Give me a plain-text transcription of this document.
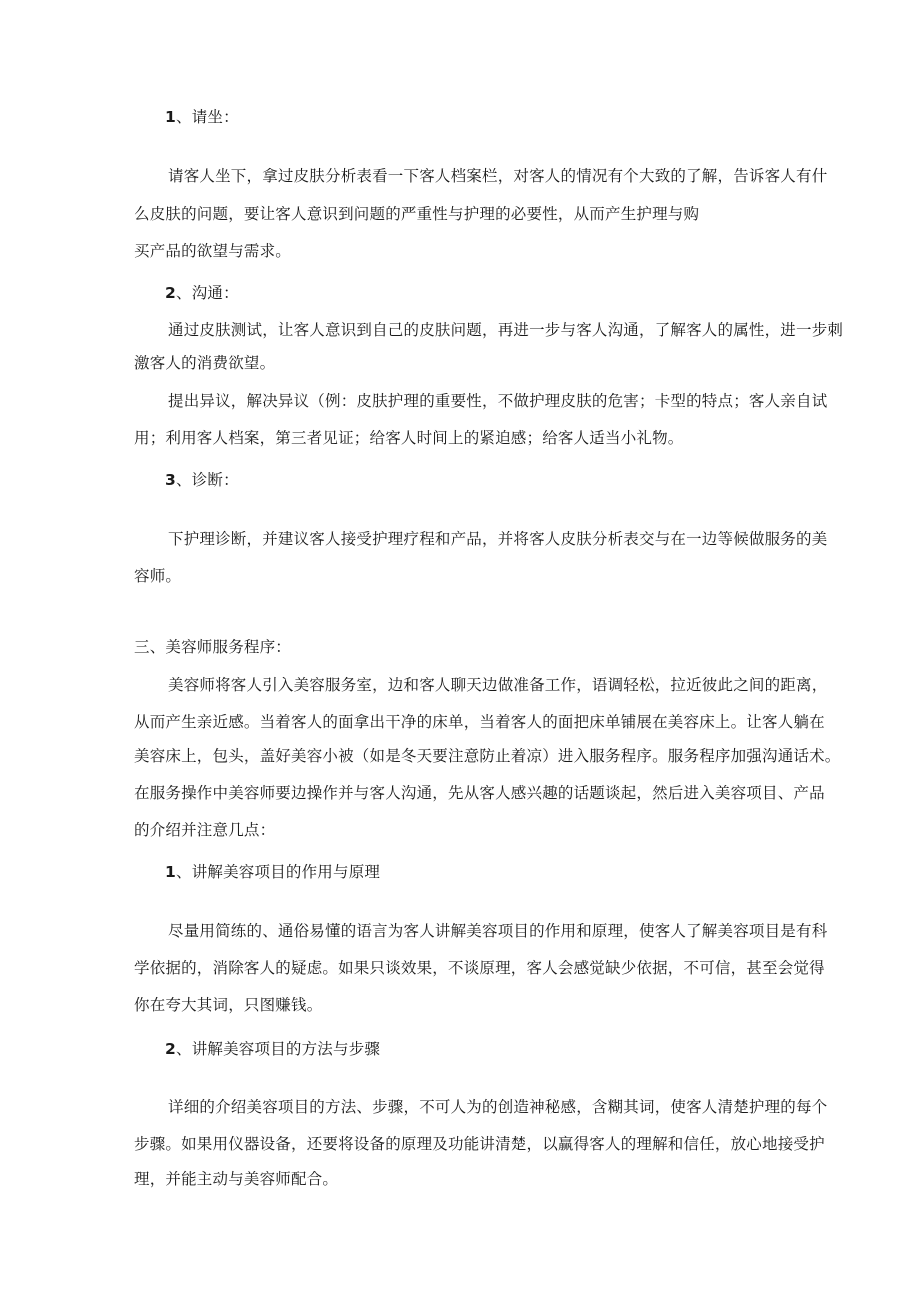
1、请坐：
请客人坐下，拿过皮肤分析表看一下客人档案栏，对客人的情况有个大致的了解，告诉客人有什
么皮肤的问题，要让客人意识到问题的严重性与护理的必要性，从而产生护理与购
买产品的欲望与需求。
2、沟通：
通过皮肤测试，让客人意识到自己的皮肤问题，再进一步与客人沟通，了解客人的属性，进一步刺
激客人的消费欲望。
提出异议，解决异议（例：皮肤护理的重要性，不做护理皮肤的危害；卡型的特点；客人亲自试
用；利用客人档案，第三者见证；给客人时间上的紧迫感；给客人适当小礼物。
3、诊断：
下护理诊断，并建议客人接受护理疗程和产品，并将客人皮肤分析表交与在一边等候做服务的美
容师。
三、美容师服务程序：
美容师将客人引入美容服务室，边和客人聊天边做准备工作，语调轻松，拉近彼此之间的距离，
从而产生亲近感。当着客人的面拿出干净的床单，当着客人的面把床单铺展在美容床上。让客人躺在
美容床上，包头，盖好美容小被（如是冬天要注意防止着凉）进入服务程序。服务程序加强沟通话术。
在服务操作中美容师要边操作并与客人沟通，先从客人感兴趣的话题谈起，然后进入美容项目、产品
的介绍并注意几点：
1、讲解美容项目的作用与原理
尽量用简练的、通俗易懂的语言为客人讲解美容项目的作用和原理，使客人了解美容项目是有科
学依据的，消除客人的疑虑。如果只谈效果，不谈原理，客人会感觉缺少依据，不可信，甚至会觉得
你在夸大其词，只图赚钱。
2、讲解美容项目的方法与步骤
详细的介绍美容项目的方法、步骤，不可人为的创造神秘感，含糊其词，使客人清楚护理的每个
步骤。如果用仪器设备，还要将设备的原理及功能讲清楚，以赢得客人的理解和信任，放心地接受护
理，并能主动与美容师配合。
